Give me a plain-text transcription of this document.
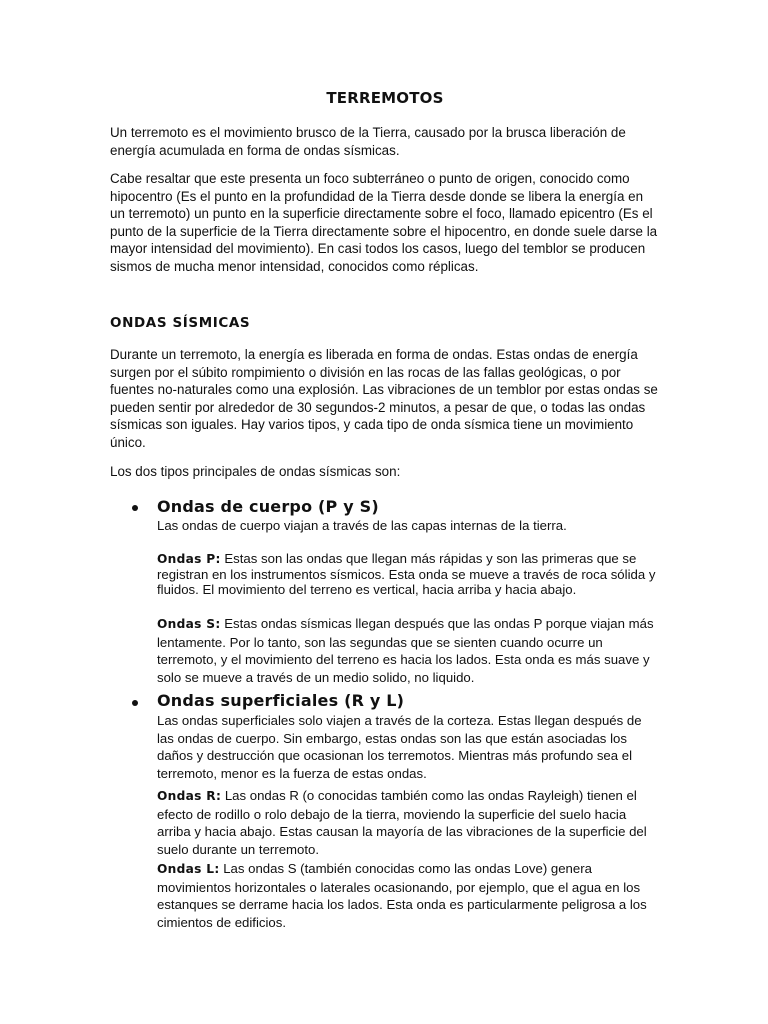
TERREMOTOS

Un terremoto es el movimiento brusco de la Tierra, causado por la brusca liberación de energía acumulada en forma de ondas sísmicas.

Cabe resaltar que este presenta un foco subterráneo o punto de origen, conocido como hipocentro (Es el punto en la profundidad de la Tierra desde donde se libera la energía en un terremoto) un punto en la superficie directamente sobre el foco, llamado epicentro (Es el punto de la superficie de la Tierra directamente sobre el hipocentro, en donde suele darse la mayor intensidad del movimiento). En casi todos los casos, luego del temblor se producen sismos de mucha menor intensidad, conocidos como réplicas.

ONDAS SÍSMICAS

Durante un terremoto, la energía es liberada en forma de ondas. Estas ondas de energía surgen por el súbito rompimiento o división en las rocas de las fallas geológicas, o por fuentes no-naturales como una explosión. Las vibraciones de un temblor por estas ondas se pueden sentir por alrededor de 30 segundos-2 minutos, a pesar de que, o todas las ondas sísmicas son iguales. Hay varios tipos, y cada tipo de onda sísmica tiene un movimiento único.

Los dos tipos principales de ondas sísmicas son:

Ondas de cuerpo (P y S)

Las ondas de cuerpo viajan a través de las capas internas de la tierra.

Ondas P: Estas son las ondas que llegan más rápidas y son las primeras que se registran en los instrumentos sísmicos. Esta onda se mueve a través de roca sólida y fluidos. El movimiento del terreno es vertical, hacia arriba y hacia abajo.

Ondas S: Estas ondas sísmicas llegan después que las ondas P porque viajan más lentamente. Por lo tanto, son las segundas que se sienten cuando ocurre un terremoto, y el movimiento del terreno es hacia los lados. Esta onda es más suave y solo se mueve a través de un medio solido, no liquido.

Ondas superficiales (R y L)

Las ondas superficiales solo viajen a través de la corteza. Estas llegan después de las ondas de cuerpo. Sin embargo, estas ondas son las que están asociadas los daños y destrucción que ocasionan los terremotos. Mientras más profundo sea el terremoto, menor es la fuerza de estas ondas.

Ondas R: Las ondas R (o conocidas también como las ondas Rayleigh) tienen el efecto de rodillo o rolo debajo de la tierra, moviendo la superficie del suelo hacia arriba y hacia abajo. Estas causan la mayoría de las vibraciones de la superficie del suelo durante un terremoto.

Ondas L: Las ondas S (también conocidas como las ondas Love) genera movimientos horizontales o laterales ocasionando, por ejemplo, que el agua en los estanques se derrame hacia los lados. Esta onda es particularmente peligrosa a los cimientos de edificios.
